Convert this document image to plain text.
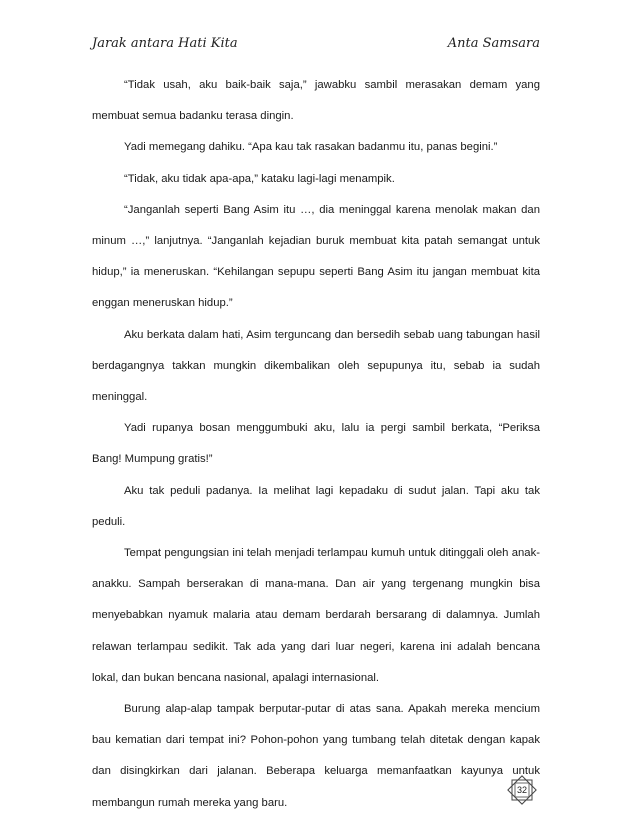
Jarak antara Hati Kita	Anta Samsara

“Tidak usah, aku baik-baik saja,” jawabku sambil merasakan demam yang membuat semua badanku terasa dingin.

Yadi memegang dahiku. “Apa kau tak rasakan badanmu itu, panas begini.”

“Tidak, aku tidak apa-apa,” kataku lagi-lagi menampik.

“Janganlah seperti Bang Asim itu …, dia meninggal karena menolak makan dan minum …,” lanjutnya. “Janganlah kejadian buruk membuat kita patah semangat untuk hidup,” ia meneruskan. “Kehilangan sepupu seperti Bang Asim itu jangan membuat kita enggan meneruskan hidup.”

Aku berkata dalam hati, Asim terguncang dan bersedih sebab uang tabungan hasil berdagangnya takkan mungkin dikembalikan oleh sepupunya itu, sebab ia sudah meninggal.

Yadi rupanya bosan menggumbuki aku, lalu ia pergi sambil berkata, “Periksa Bang! Mumpung gratis!”

Aku tak peduli padanya. Ia melihat lagi kepadaku di sudut jalan. Tapi aku tak peduli.

Tempat pengungsian ini telah menjadi terlampau kumuh untuk ditinggali oleh anak-anakku. Sampah berserakan di mana-mana. Dan air yang tergenang mungkin bisa menyebabkan nyamuk malaria atau demam berdarah bersarang di dalamnya. Jumlah relawan terlampau sedikit. Tak ada yang dari luar negeri, karena ini adalah bencana lokal, dan bukan bencana nasional, apalagi internasional.

Burung alap-alap tampak berputar-putar di atas sana. Apakah mereka mencium bau kematian dari tempat ini? Pohon-pohon yang tumbang telah ditetak dengan kapak dan disingkirkan dari jalanan. Beberapa keluarga memanfaatkan kayunya untuk membangun rumah mereka yang baru.

32
